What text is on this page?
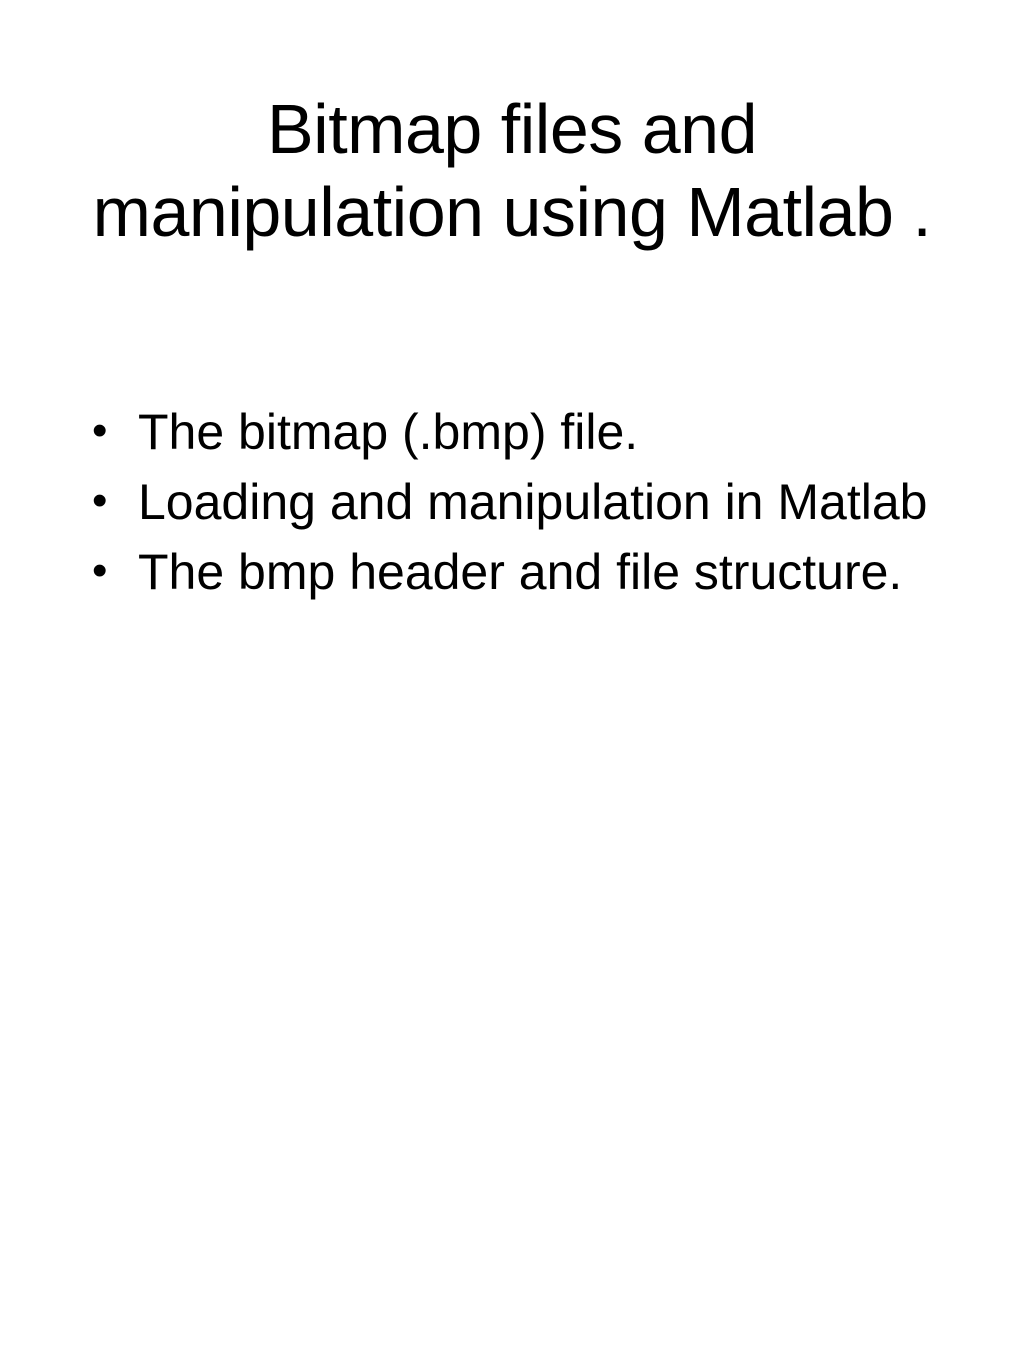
Bitmap files and manipulation using Matlab .
• The bitmap (.bmp) file.
• Loading and manipulation in Matlab
• The bmp header and file structure.
